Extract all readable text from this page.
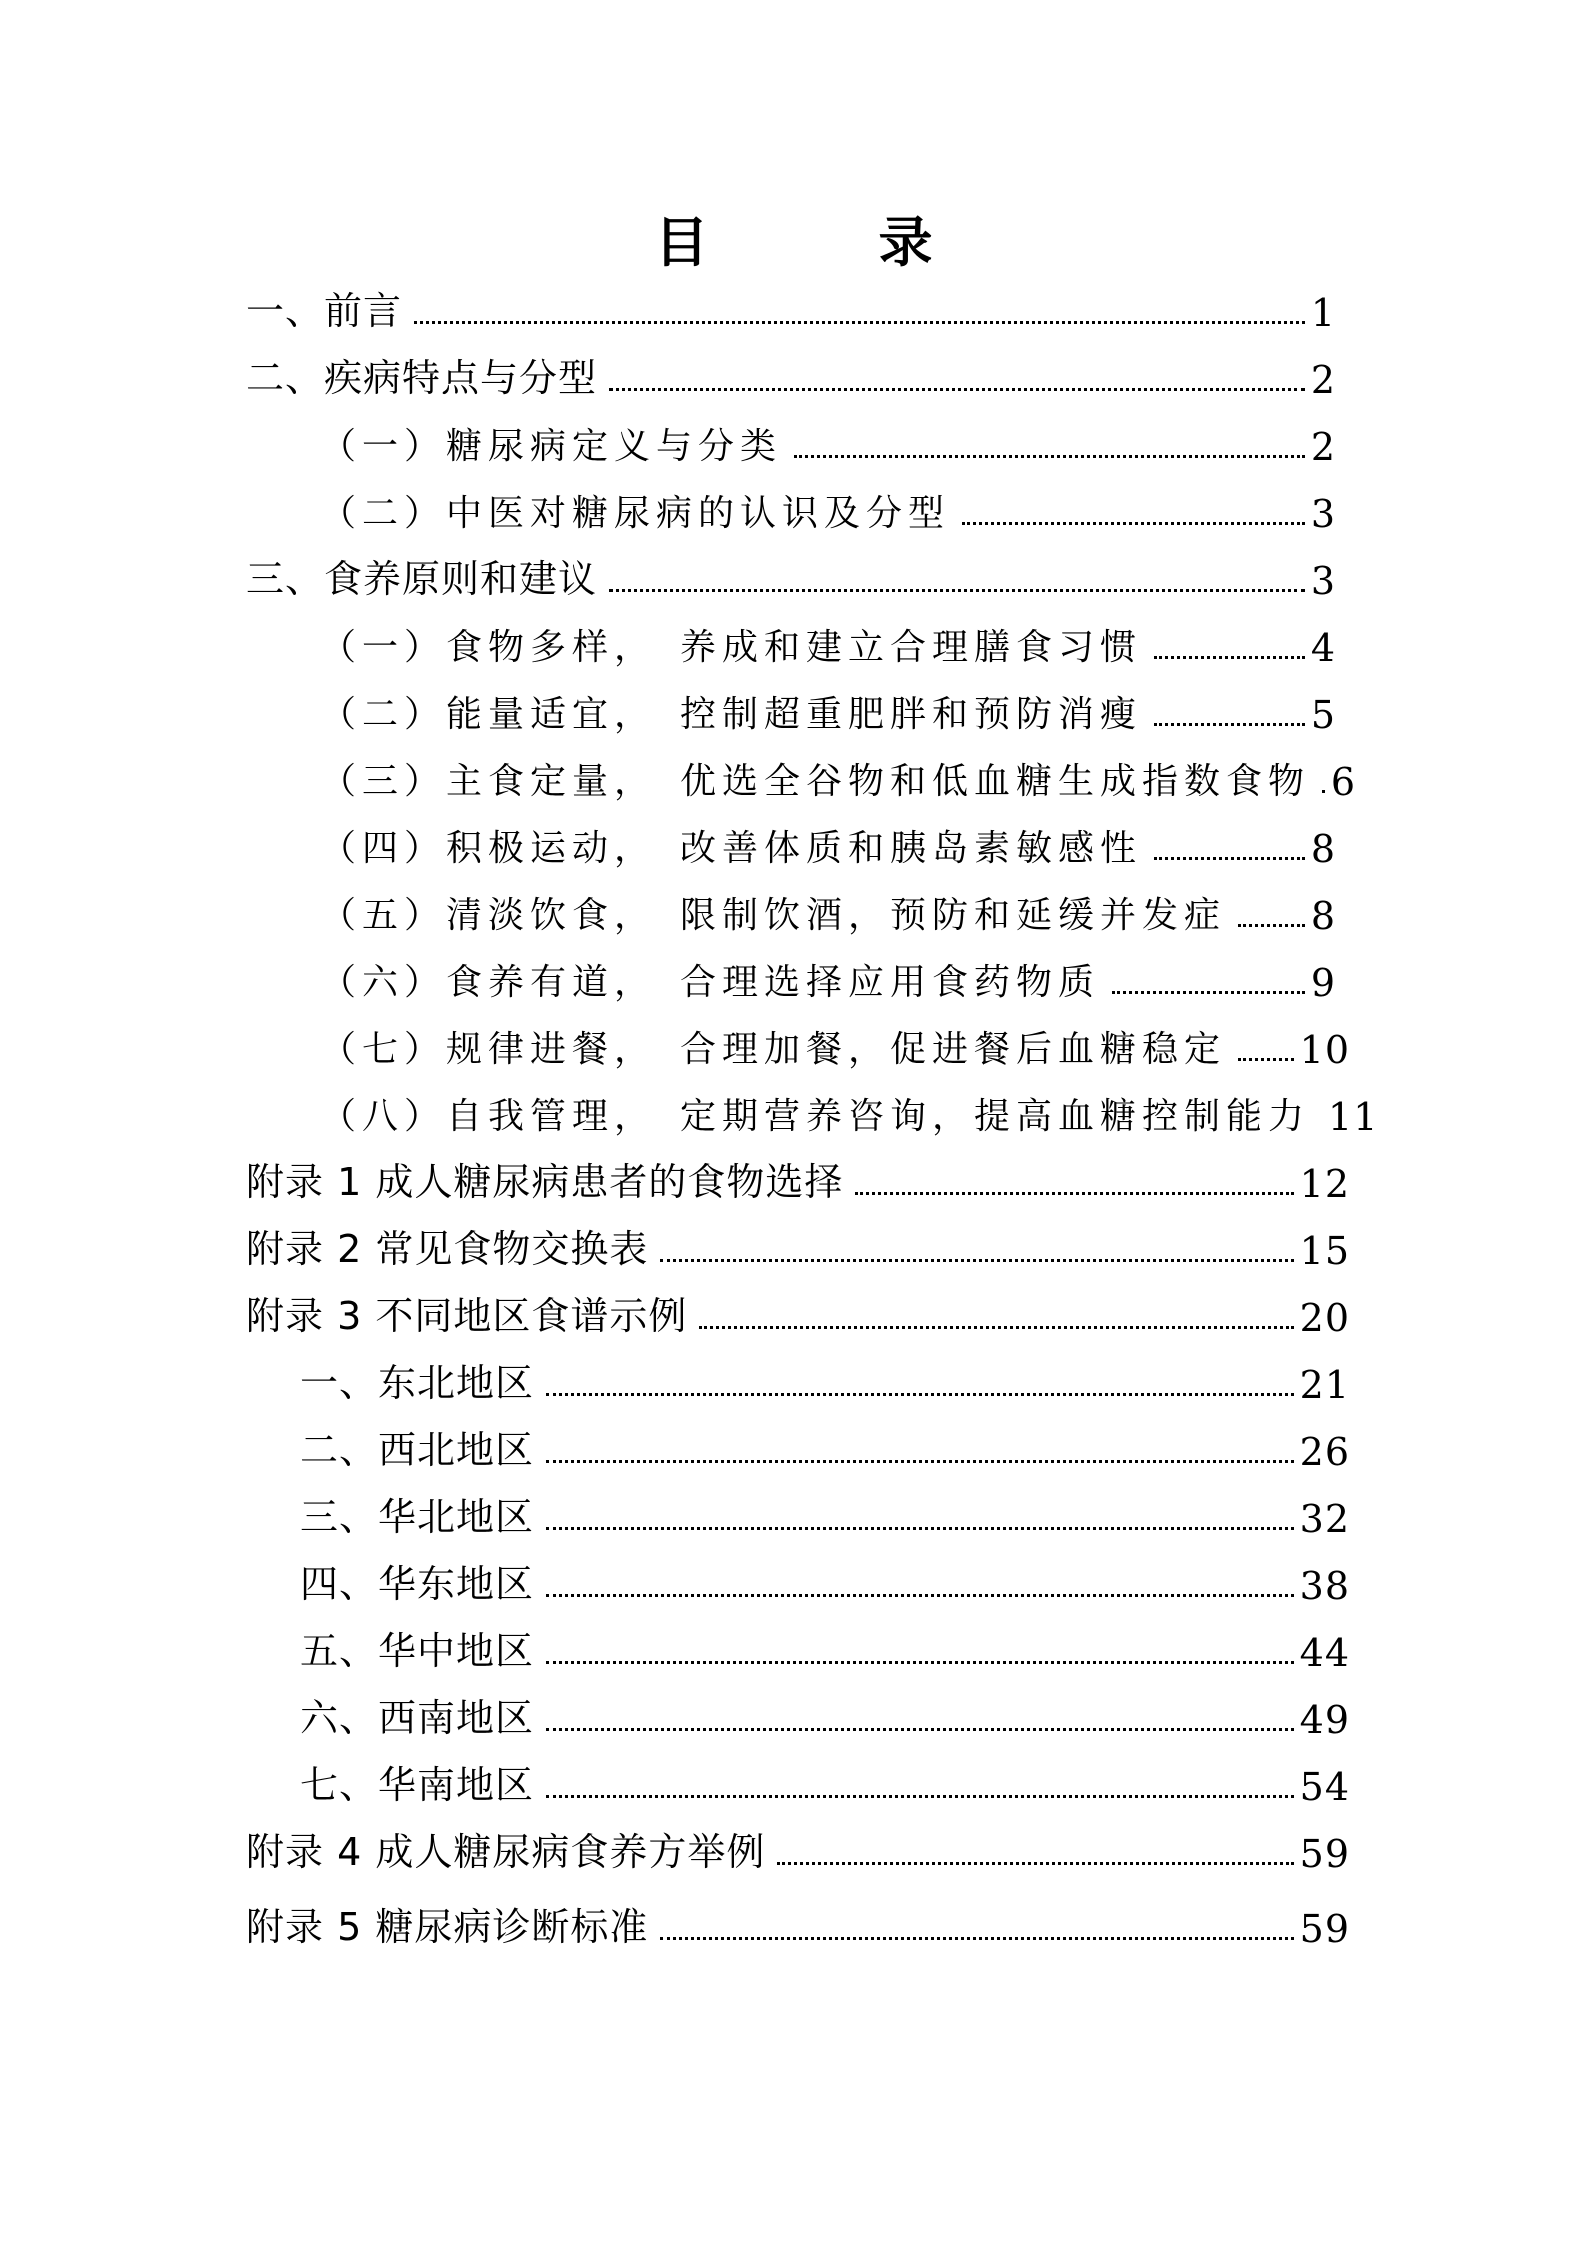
目　录
一、前言	1
二、疾病特点与分型	2
（一）糖尿病定义与分类	2
（二）中医对糖尿病的认识及分型	3
三、食养原则和建议	3
（一）食物多样，　养成和建立合理膳食习惯	4
（二）能量适宜，　控制超重肥胖和预防消瘦	5
（三）主食定量，　优选全谷物和低血糖生成指数食物 6
（四）积极运动，　改善体质和胰岛素敏感性	8
（五）清淡饮食，　限制饮酒，预防和延缓并发症 8
（六）食养有道，　合理选择应用食药物质	9
（七）规律进餐，　合理加餐，促进餐后血糖稳定 10
（八）自我管理，　定期营养咨询，提高血糖控制能力 11
附录 1 成人糖尿病患者的食物选择	12
附录 2 常见食物交换表	15
附录 3 不同地区食谱示例	20
一、东北地区	21
二、西北地区	26
三、华北地区	32
四、华东地区	38
五、华中地区	44
六、西南地区	49
七、华南地区	54
附录 4 成人糖尿病食养方举例	59
附录 5 糖尿病诊断标准	59
